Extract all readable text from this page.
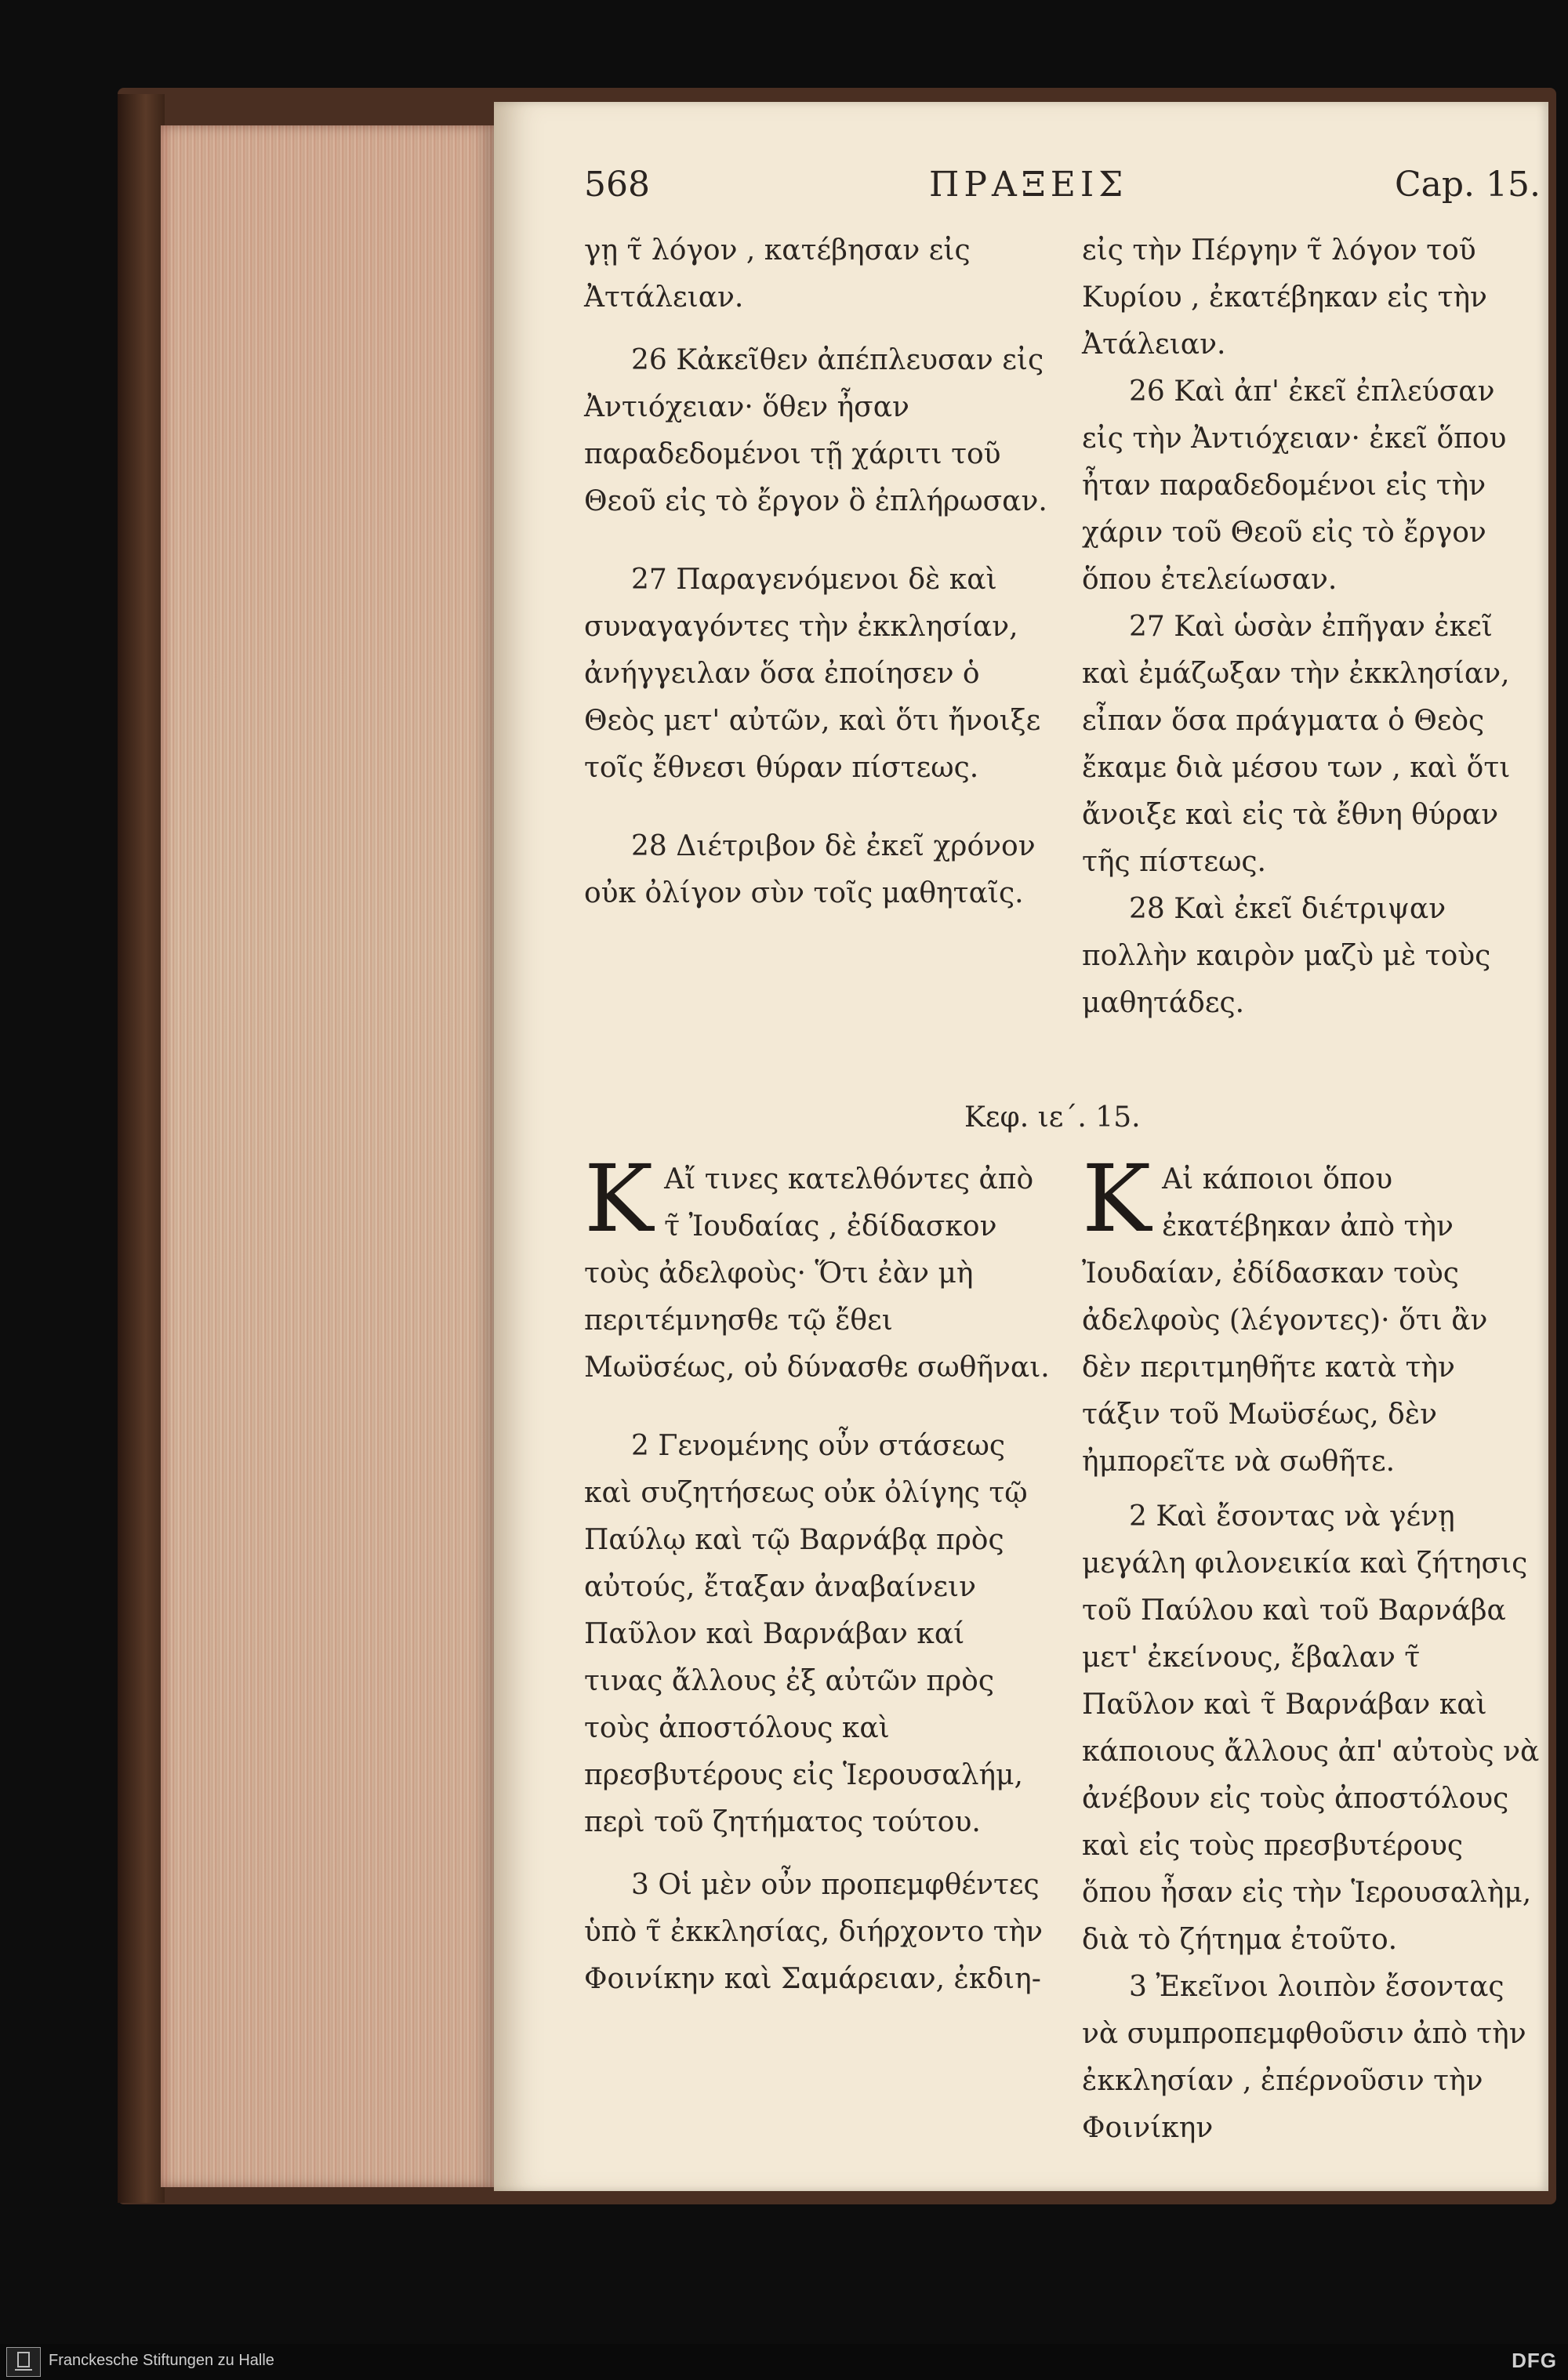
568	ΠΡΑΞΕΙΣ	Cap. 15.

γῃ τ̃ λόγον , κατέβησαν εἰς Ἀττάλειαν.

26 Κἀκεῖθεν ἀπέπλευσαν εἰς Ἀντιόχειαν· ὅθεν ἦσαν παραδεδομένοι τῇ χάριτι τοῦ Θεοῦ εἰς τὸ ἔργον ὃ ἐπλήρωσαν.

27 Παραγενόμενοι δὲ καὶ συναγαγόντες τὴν ἐκκλησίαν, ἀνήγγειλαν ὅσα ἐποίησεν ὁ Θεὸς μετ' αὐτῶν, καὶ ὅτι ἤνοιξε τοῖς ἔθνεσι θύραν πίστεως.

28 Διέτριβον δὲ ἐκεῖ χρόνον οὐκ ὀλίγον σὺν τοῖς μαθηταῖς.

εἰς τὴν Πέργην τ̃ λόγον τοῦ Κυρίου , ἐκατέβηκαν εἰς τὴν Ἀτάλειαν.

26 Καὶ ἀπ' ἐκεῖ ἐπλεύσαν εἰς τὴν Ἀντιόχειαν· ἐκεῖ ὅπου ἦταν παραδεδομένοι εἰς τὴν χάριν τοῦ Θεοῦ εἰς τὸ ἔργον ὅπου ἐτελείωσαν.

27 Καὶ ὡσὰν ἐπῆγαν ἐκεῖ καὶ ἐμάζωξαν τὴν ἐκκλησίαν, εἶπαν ὅσα πράγματα ὁ Θεὸς ἔκαμε διὰ μέσου των , καὶ ὅτι ἄνοιξε καὶ εἰς τὰ ἔθνη θύραν τῆς πίστεως.

28 Καὶ ἐκεῖ διέτριψαν πολλὴν καιρὸν μαζὺ μὲ τοὺς μαθητάδες.

Κεφ. ιε΄. 15.

Κ Αἴ τινες κατελθόντες ἀπὸ τ̃ Ἰουδαίας , ἐδίδασκον τοὺς ἀδελφοὺς· Ὅτι ἐὰν μὴ περιτέμνησθε τῷ ἔθει Μωϋσέως, οὐ δύνασθε σωθῆναι.

2 Γενομένης οὖν στάσεως καὶ συζητήσεως οὐκ ὀλίγης τῷ Παύλῳ καὶ τῷ Βαρνάβᾳ πρὸς αὐτούς, ἔταξαν ἀναβαίνειν Παῦλον καὶ Βαρνάβαν καί τινας ἄλλους ἐξ αὐτῶν πρὸς τοὺς ἀποστόλους καὶ πρεσβυτέρους εἰς Ἱερουσαλήμ, περὶ τοῦ ζητήματος τούτου.

3 Οἱ μὲν οὖν προπεμφθέντες ὑπὸ τ̃ ἐκκλησίας, διήρχοντο τὴν Φοινίκην καὶ Σαμάρειαν, ἐκδιη-

Κ Αἰ κάποιοι ὅπου ἐκατέβηκαν ἀπὸ τὴν Ἰουδαίαν, ἐδίδασκαν τοὺς ἀδελφοὺς (λέγοντες)· ὅτι ἂν δὲν περιτμηθῆτε κατὰ τὴν τάξιν τοῦ Μωϋσέως, δὲν ἠμπορεῖτε νὰ σωθῆτε.

2 Καὶ ἔσοντας νὰ γένῃ μεγάλη φιλονεικία καὶ ζήτησις τοῦ Παύλου καὶ τοῦ Βαρνάβα μετ' ἐκείνους, ἔβαλαν τ̃ Παῦλον καὶ τ̃ Βαρνάβαν καὶ κάποιους ἄλλους ἀπ' αὐτοὺς νὰ ἀνέβουν εἰς τοὺς ἀποστόλους καὶ εἰς τοὺς πρεσβυτέρους ὅπου ἦσαν εἰς τὴν Ἱερουσαλὴμ, διὰ τὸ ζήτημα ἐτοῦτο.

3 Ἐκεῖνοι λοιπὸν ἔσοντας νὰ συμπροπεμφθοῦσιν ἀπὸ τὴν ἐκκλησίαν , ἐπέρνοῦσιν τὴν Φοινίκην

Franckesche Stiftungen zu Halle	DFG
